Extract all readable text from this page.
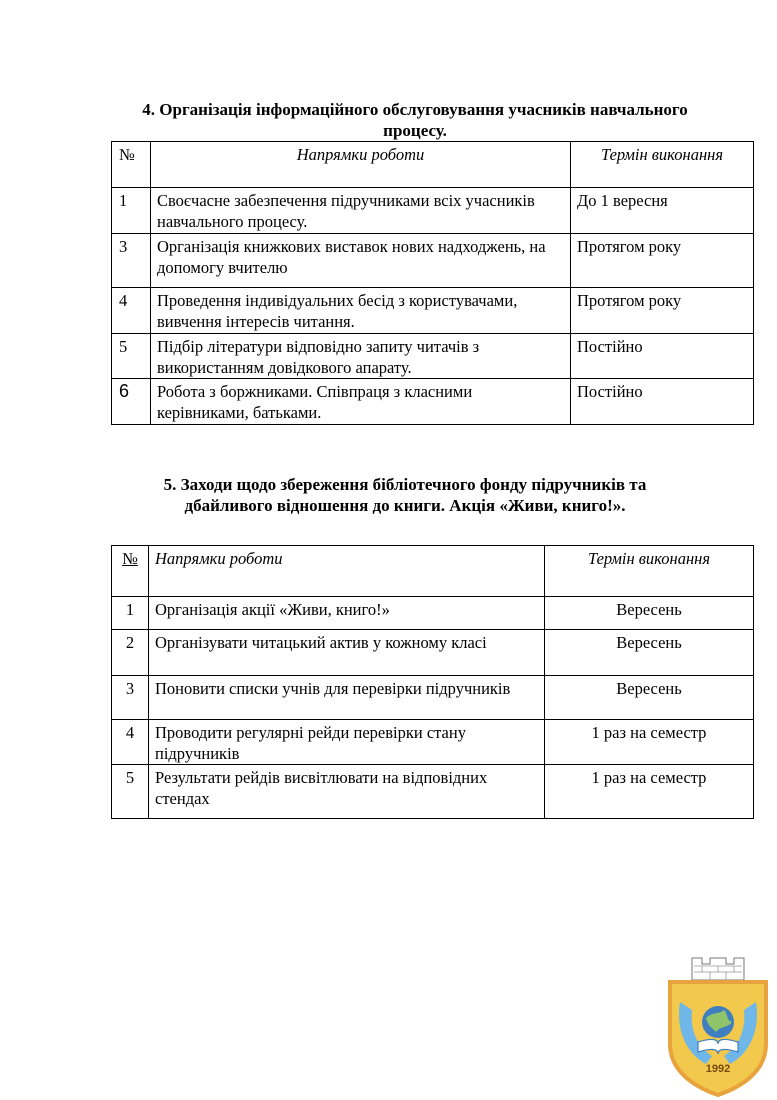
4. Організація інформаційного обслуговування учасників навчального
процесу.
№	Напрямки роботи	Термін виконання
1	Своєчасне забезпечення підручниками всіх учасників навчального процесу.	До 1 вересня
3	Організація книжкових виставок нових надходжень, на допомогу вчителю	Протягом року
4	Проведення індивідуальних бесід з користувачами, вивчення інтересів читання.	Протягом року
5	Підбір літератури відповідно запиту читачів з використанням довідкового апарату.	Постійно
6	Робота з боржниками. Співпраця з класними керівниками, батьками.	Постійно
5. Заходи щодо збереження бібліотечного фонду підручників та
дбайливого відношення до книги. Акція «Живи, книго!».
№	Напрямки роботи	Термін виконання
1	Організація акції «Живи, книго!»	Вересень
2	Організувати читацький актив у кожному класі	Вересень
3	Поновити списки учнів для перевірки підручників	Вересень
4	Проводити регулярні рейди перевірки стану підручників	1 раз на семестр
5	Результати рейдів висвітлювати на відповідних стендах	1 раз на семестр
1992
